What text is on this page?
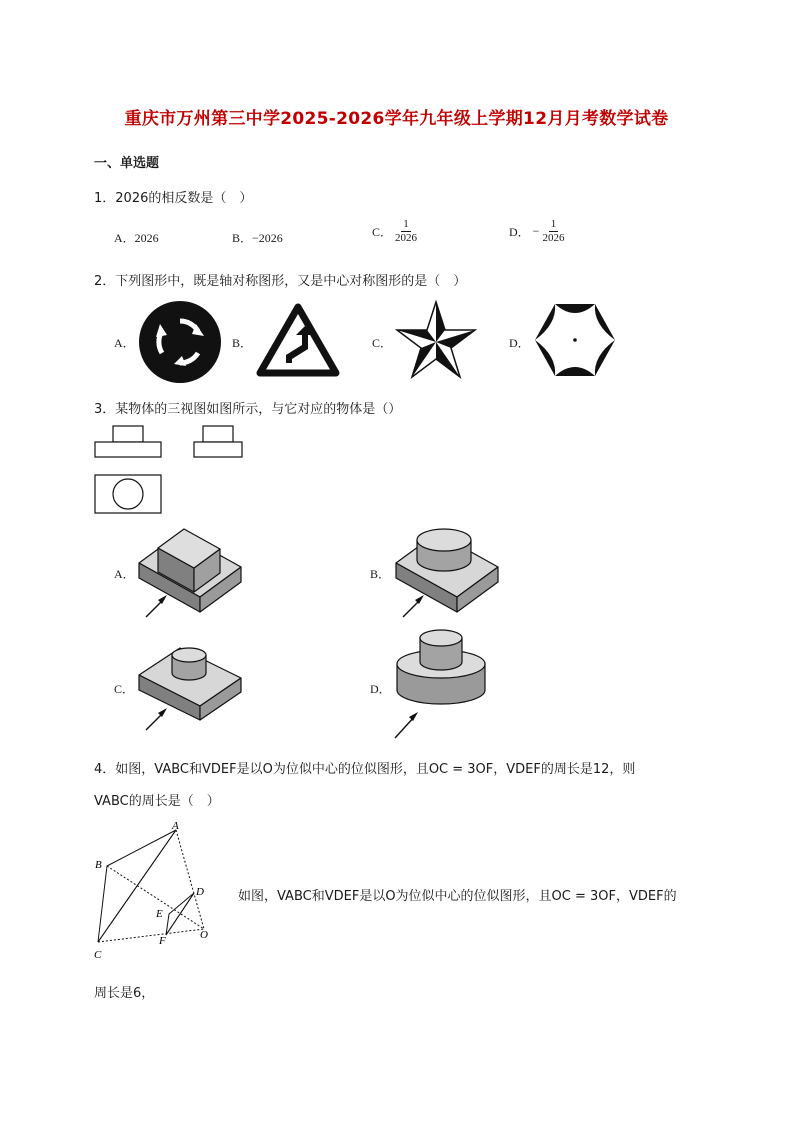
重庆市万州第三中学2025-2026学年九年级上学期12月月考数学试卷
一、单选题
1．2026的相反数是（　）
A．2026	B．−2026	C． $\frac{1}{2026}$	D． − $\frac{1}{2026}$
2．下列图形中，既是轴对称图形，又是中心对称图形的是（　）
A．	B．	C．	D．
3．某物体的三视图如图所示，与它对应的物体是（）
A．	B．
C．	D．
4．如图，VABC和VDEF是以O为位似中心的位似图形，且OC = 3OF，VDEF的周长是12，则
VABC的周长是（　）
A
B
C
D
E
F	O
如图，VABC和VDEF是以O为位似中心的位似图形，且OC = 3OF，VDEF的
周长是6，
